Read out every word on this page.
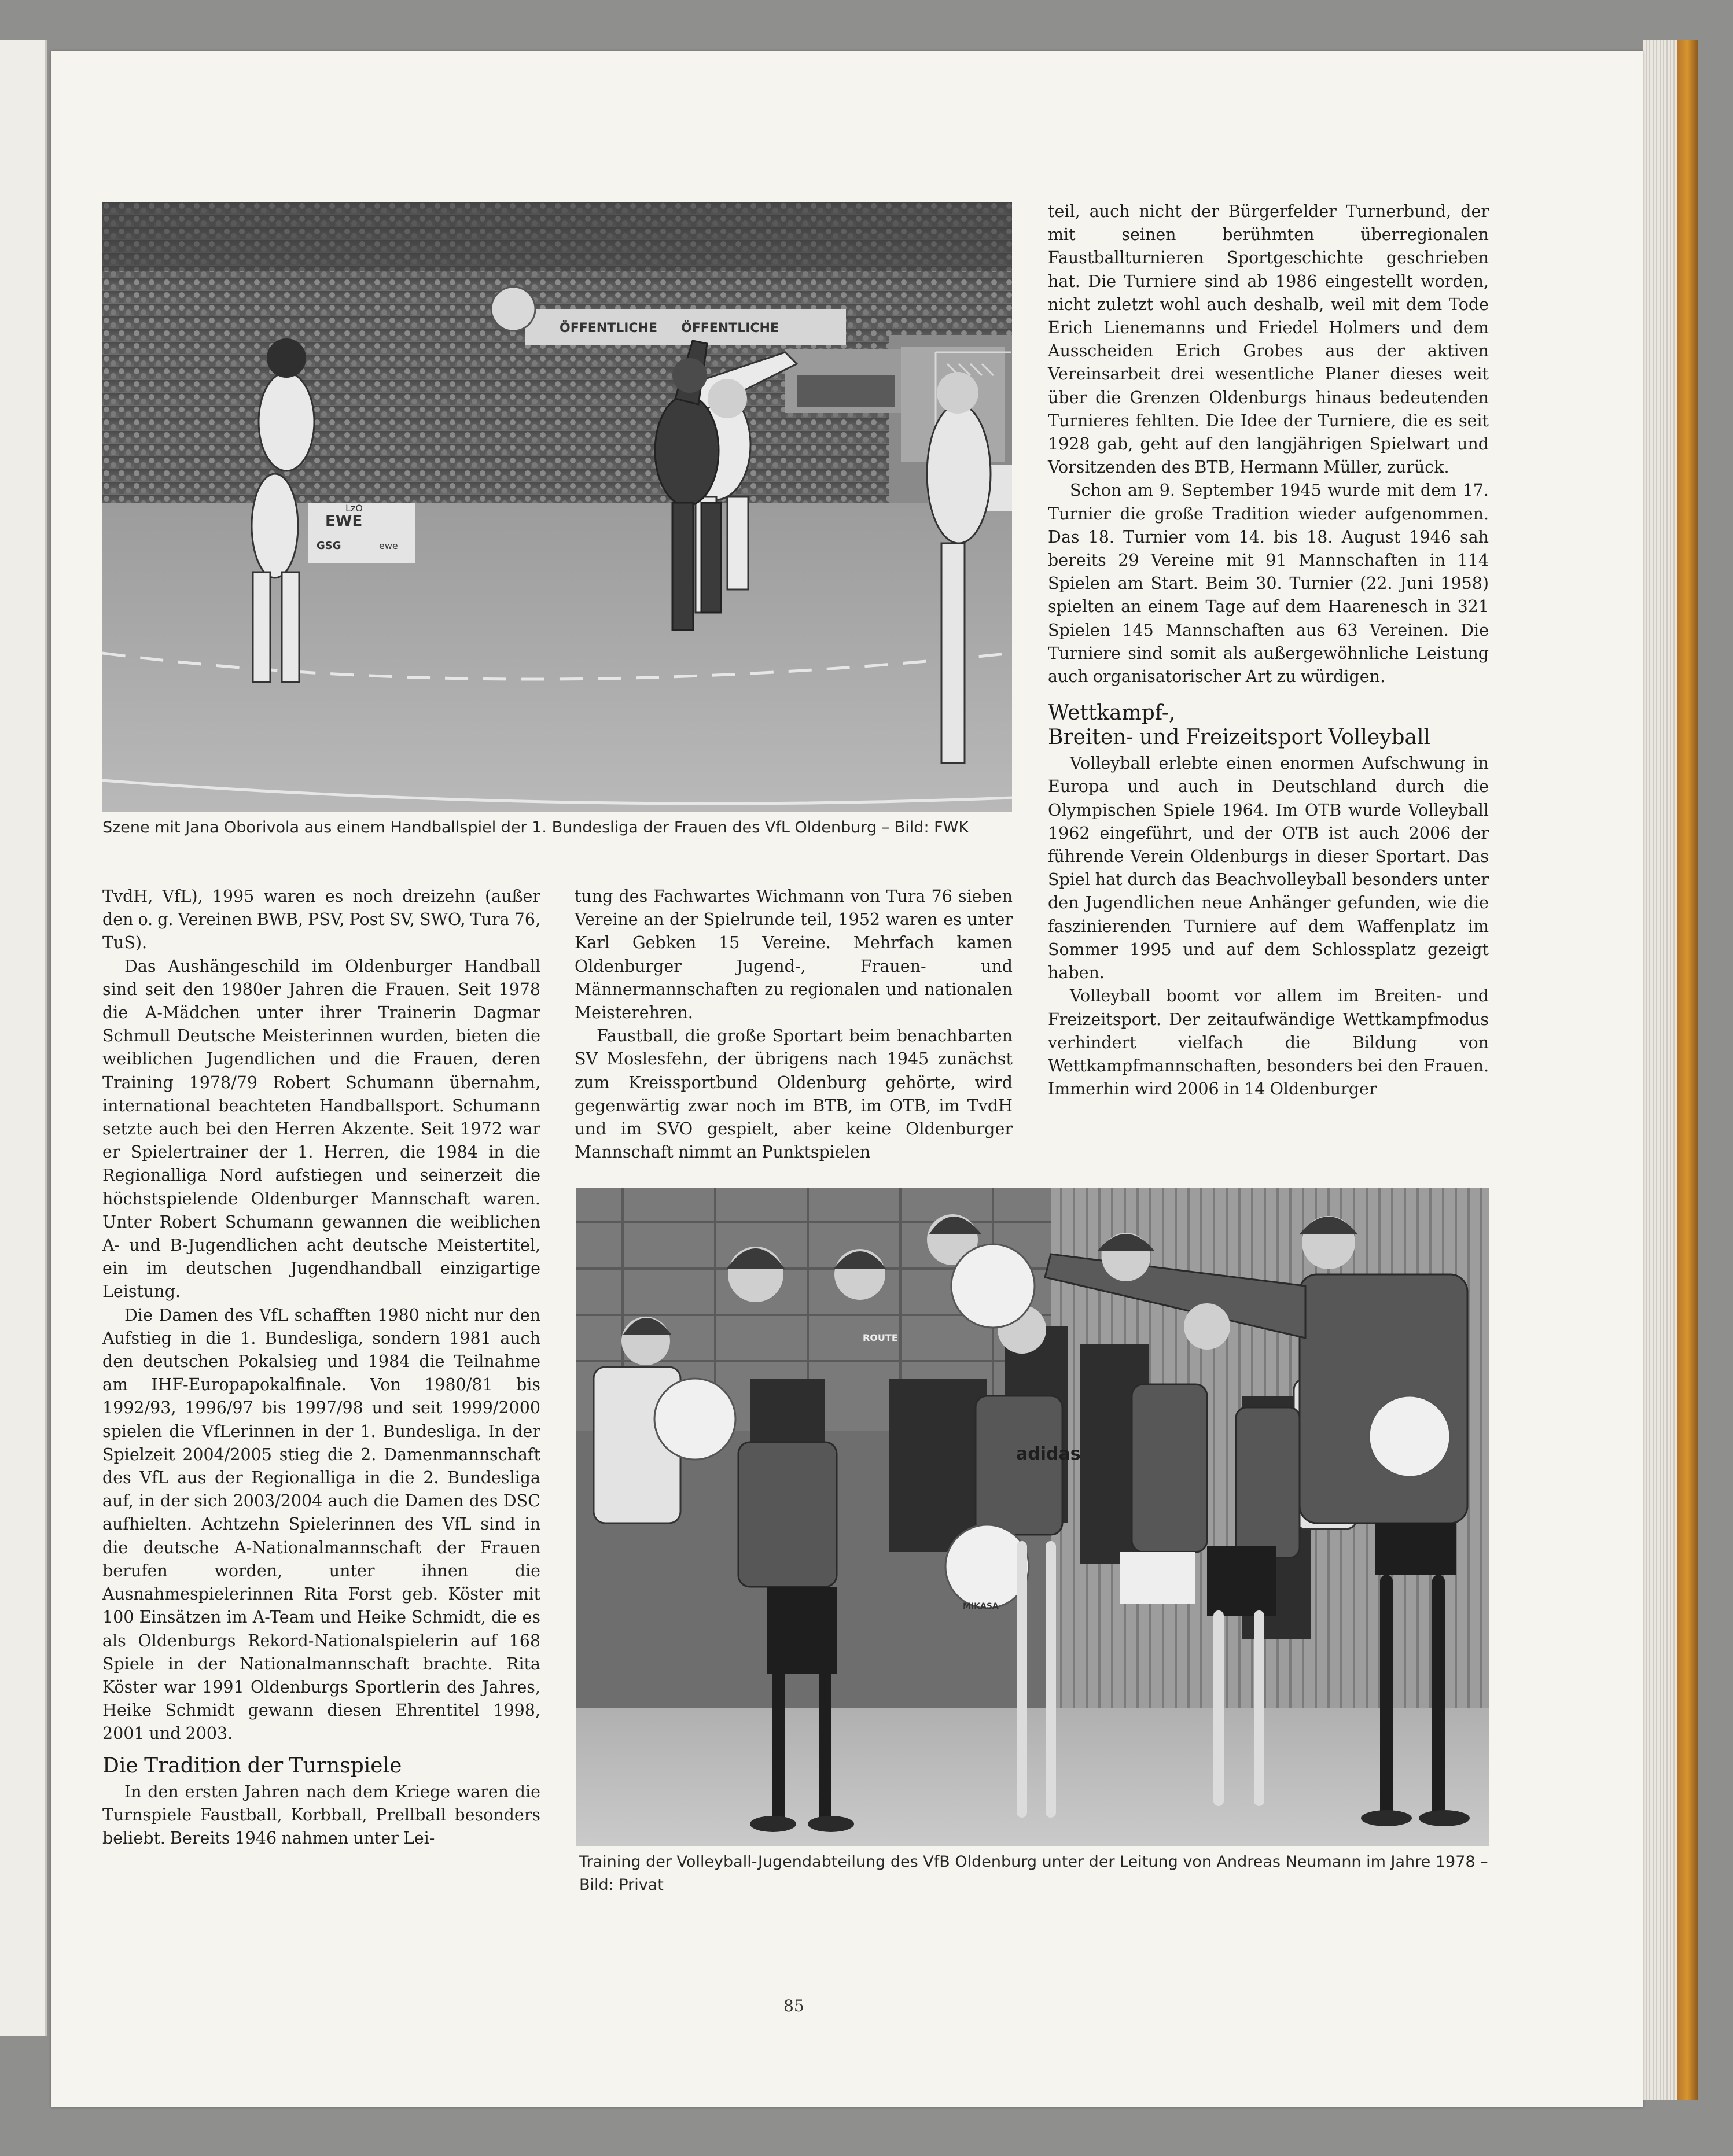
ÖFFENTLICHE ÖFFENTLICHE
EWE
ewe
GSG
LzO

Szene mit Jana Oborivola aus einem Handballspiel der 1. Bundesliga der Frauen des VfL Oldenburg – Bild: FWK

TvdH, VfL), 1995 waren es noch dreizehn (außer den o. g. Vereinen BWB, PSV, Post SV, SWO, Tura 76, TuS).

Das Aushängeschild im Oldenburger Handball sind seit den 1980er Jahren die Frauen. Seit 1978 die A-Mädchen unter ihrer Trainerin Dagmar Schmull Deutsche Meisterinnen wurden, bieten die weiblichen Jugendlichen und die Frauen, deren Training 1978/79 Robert Schumann übernahm, international beachteten Handballsport. Schumann setzte auch bei den Herren Akzente. Seit 1972 war er Spielertrainer der 1. Herren, die 1984 in die Regionalliga Nord aufstiegen und seinerzeit die höchstspielende Oldenburger Mannschaft waren. Unter Robert Schumann gewannen die weiblichen A- und B-Jugendlichen acht deutsche Meistertitel, ein im deutschen Jugendhandball einzigartige Leistung.

Die Damen des VfL schafften 1980 nicht nur den Aufstieg in die 1. Bundesliga, sondern 1981 auch den deutschen Pokalsieg und 1984 die Teilnahme am IHF-Europapokalfinale. Von 1980/81 bis 1992/93, 1996/97 bis 1997/98 und seit 1999/2000 spielen die VfLerinnen in der 1. Bundesliga. In der Spielzeit 2004/2005 stieg die 2. Damenmannschaft des VfL aus der Regionalliga in die 2. Bundesliga auf, in der sich 2003/2004 auch die Damen des DSC aufhielten. Achtzehn Spielerinnen des VfL sind in die deutsche A-Nationalmannschaft der Frauen berufen worden, unter ihnen die Ausnahmespielerinnen Rita Forst geb. Köster mit 100 Einsätzen im A-Team und Heike Schmidt, die es als Oldenburgs Rekord-Nationalspielerin auf 168 Spiele in der Nationalmannschaft brachte. Rita Köster war 1991 Oldenburgs Sportlerin des Jahres, Heike Schmidt gewann diesen Ehrentitel 1998, 2001 und 2003.

Die Tradition der Turnspiele

In den ersten Jahren nach dem Kriege waren die Turnspiele Faustball, Korbball, Prellball besonders beliebt. Bereits 1946 nahmen unter Lei-

tung des Fachwartes Wichmann von Tura 76 sieben Vereine an der Spielrunde teil, 1952 waren es unter Karl Gebken 15 Vereine. Mehrfach kamen Oldenburger Jugend-, Frauen- und Männermannschaften zu regionalen und nationalen Meisterehren.

Faustball, die große Sportart beim benachbarten SV Moslesfehn, der übrigens nach 1945 zunächst zum Kreissportbund Oldenburg gehörte, wird gegenwärtig zwar noch im BTB, im OTB, im TvdH und im SVO gespielt, aber keine Oldenburger Mannschaft nimmt an Punktspielen

teil, auch nicht der Bürgerfelder Turnerbund, der mit seinen berühmten überregionalen Faustballturnieren Sportgeschichte geschrieben hat. Die Turniere sind ab 1986 eingestellt worden, nicht zuletzt wohl auch deshalb, weil mit dem Tode Erich Lienemanns und Friedel Holmers und dem Ausscheiden Erich Grobes aus der aktiven Vereinsarbeit drei wesentliche Planer dieses weit über die Grenzen Oldenburgs hinaus bedeutenden Turnieres fehlten. Die Idee der Turniere, die es seit 1928 gab, geht auf den langjährigen Spielwart und Vorsitzenden des BTB, Hermann Müller, zurück.

Schon am 9. September 1945 wurde mit dem 17. Turnier die große Tradition wieder aufgenommen. Das 18. Turnier vom 14. bis 18. August 1946 sah bereits 29 Vereine mit 91 Mannschaften in 114 Spielen am Start. Beim 30. Turnier (22. Juni 1958) spielten an einem Tage auf dem Haarenesch in 321 Spielen 145 Mannschaften aus 63 Vereinen. Die Turniere sind somit als außergewöhnliche Leistung auch organisatorischer Art zu würdigen.

Wettkampf-,
Breiten- und Freizeitsport Volleyball

Volleyball erlebte einen enormen Aufschwung in Europa und auch in Deutschland durch die Olympischen Spiele 1964. Im OTB wurde Volleyball 1962 eingeführt, und der OTB ist auch 2006 der führende Verein Oldenburgs in dieser Sportart. Das Spiel hat durch das Beachvolleyball besonders unter den Jugendlichen neue Anhänger gefunden, wie die faszinierenden Turniere auf dem Waffenplatz im Sommer 1995 und auf dem Schlossplatz gezeigt haben.

Volleyball boomt vor allem im Breiten- und Freizeitsport. Der zeitaufwändige Wettkampfmodus verhindert vielfach die Bildung von Wettkampfmannschaften, besonders bei den Frauen. Immerhin wird 2006 in 14 Oldenburger

adidas
ROUTE
MIKASA

Training der Volleyball-Jugendabteilung des VfB Oldenburg unter der Leitung von Andreas Neumann im Jahre 1978 – Bild: Privat

85
